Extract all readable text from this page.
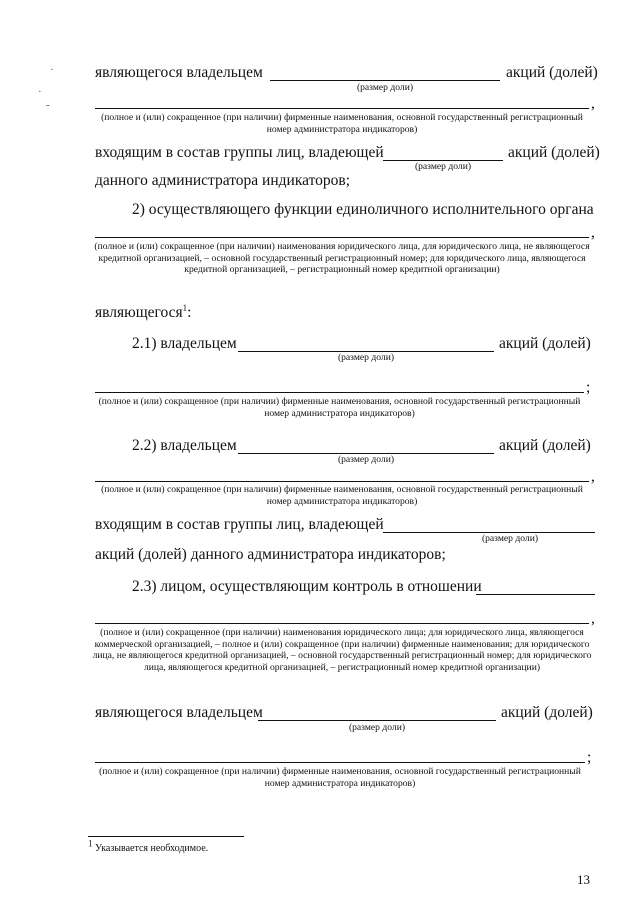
·
·
-
являющегося владельцем	акций (долей)
(размер доли)
,
(полное и (или) сокращенное (при наличии) фирменные наименования, основной государственный регистрационный номер администратора индикаторов)
входящим в состав группы лиц, владеющей	акций (долей)
(размер доли)
данного администратора индикаторов;
2) осуществляющего функции единоличного исполнительного органа
,
(полное и (или) сокращенное (при наличии) наименования юридического лица, для юридического лица, не являющегося кредитной организацией, – основной государственный регистрационный номер; для юридического лица, являющегося кредитной организацией, – регистрационный номер кредитной организации)
являющегося$^1$:
2.1) владельцем	акций (долей)
(размер доли)
;
(полное и (или) сокращенное (при наличии) фирменные наименования, основной государственный регистрационный номер администратора индикаторов)
2.2) владельцем	акций (долей)
(размер доли)
,
(полное и (или) сокращенное (при наличии) фирменные наименования, основной государственный регистрационный номер администратора индикаторов)
входящим в состав группы лиц, владеющей
(размер доли)
акций (долей) данного администратора индикаторов;
2.3) лицом, осуществляющим контроль в отношении
,
(полное и (или) сокращенное (при наличии) наименования юридического лица; для юридического лица, являющегося коммерческой организацией, – полное и (или) сокращенное (при наличии) фирменные наименования; для юридического лица, не являющегося кредитной организацией, – основной государственный регистрационный номер; для юридического лица, являющегося кредитной организацией, – регистрационный номер кредитной организации)
являющегося владельцем	акций (долей)
(размер доли)
;
(полное и (или) сокращенное (при наличии) фирменные наименования, основной государственный регистрационный номер администратора индикаторов)
$^1$ Указывается необходимое.
13
